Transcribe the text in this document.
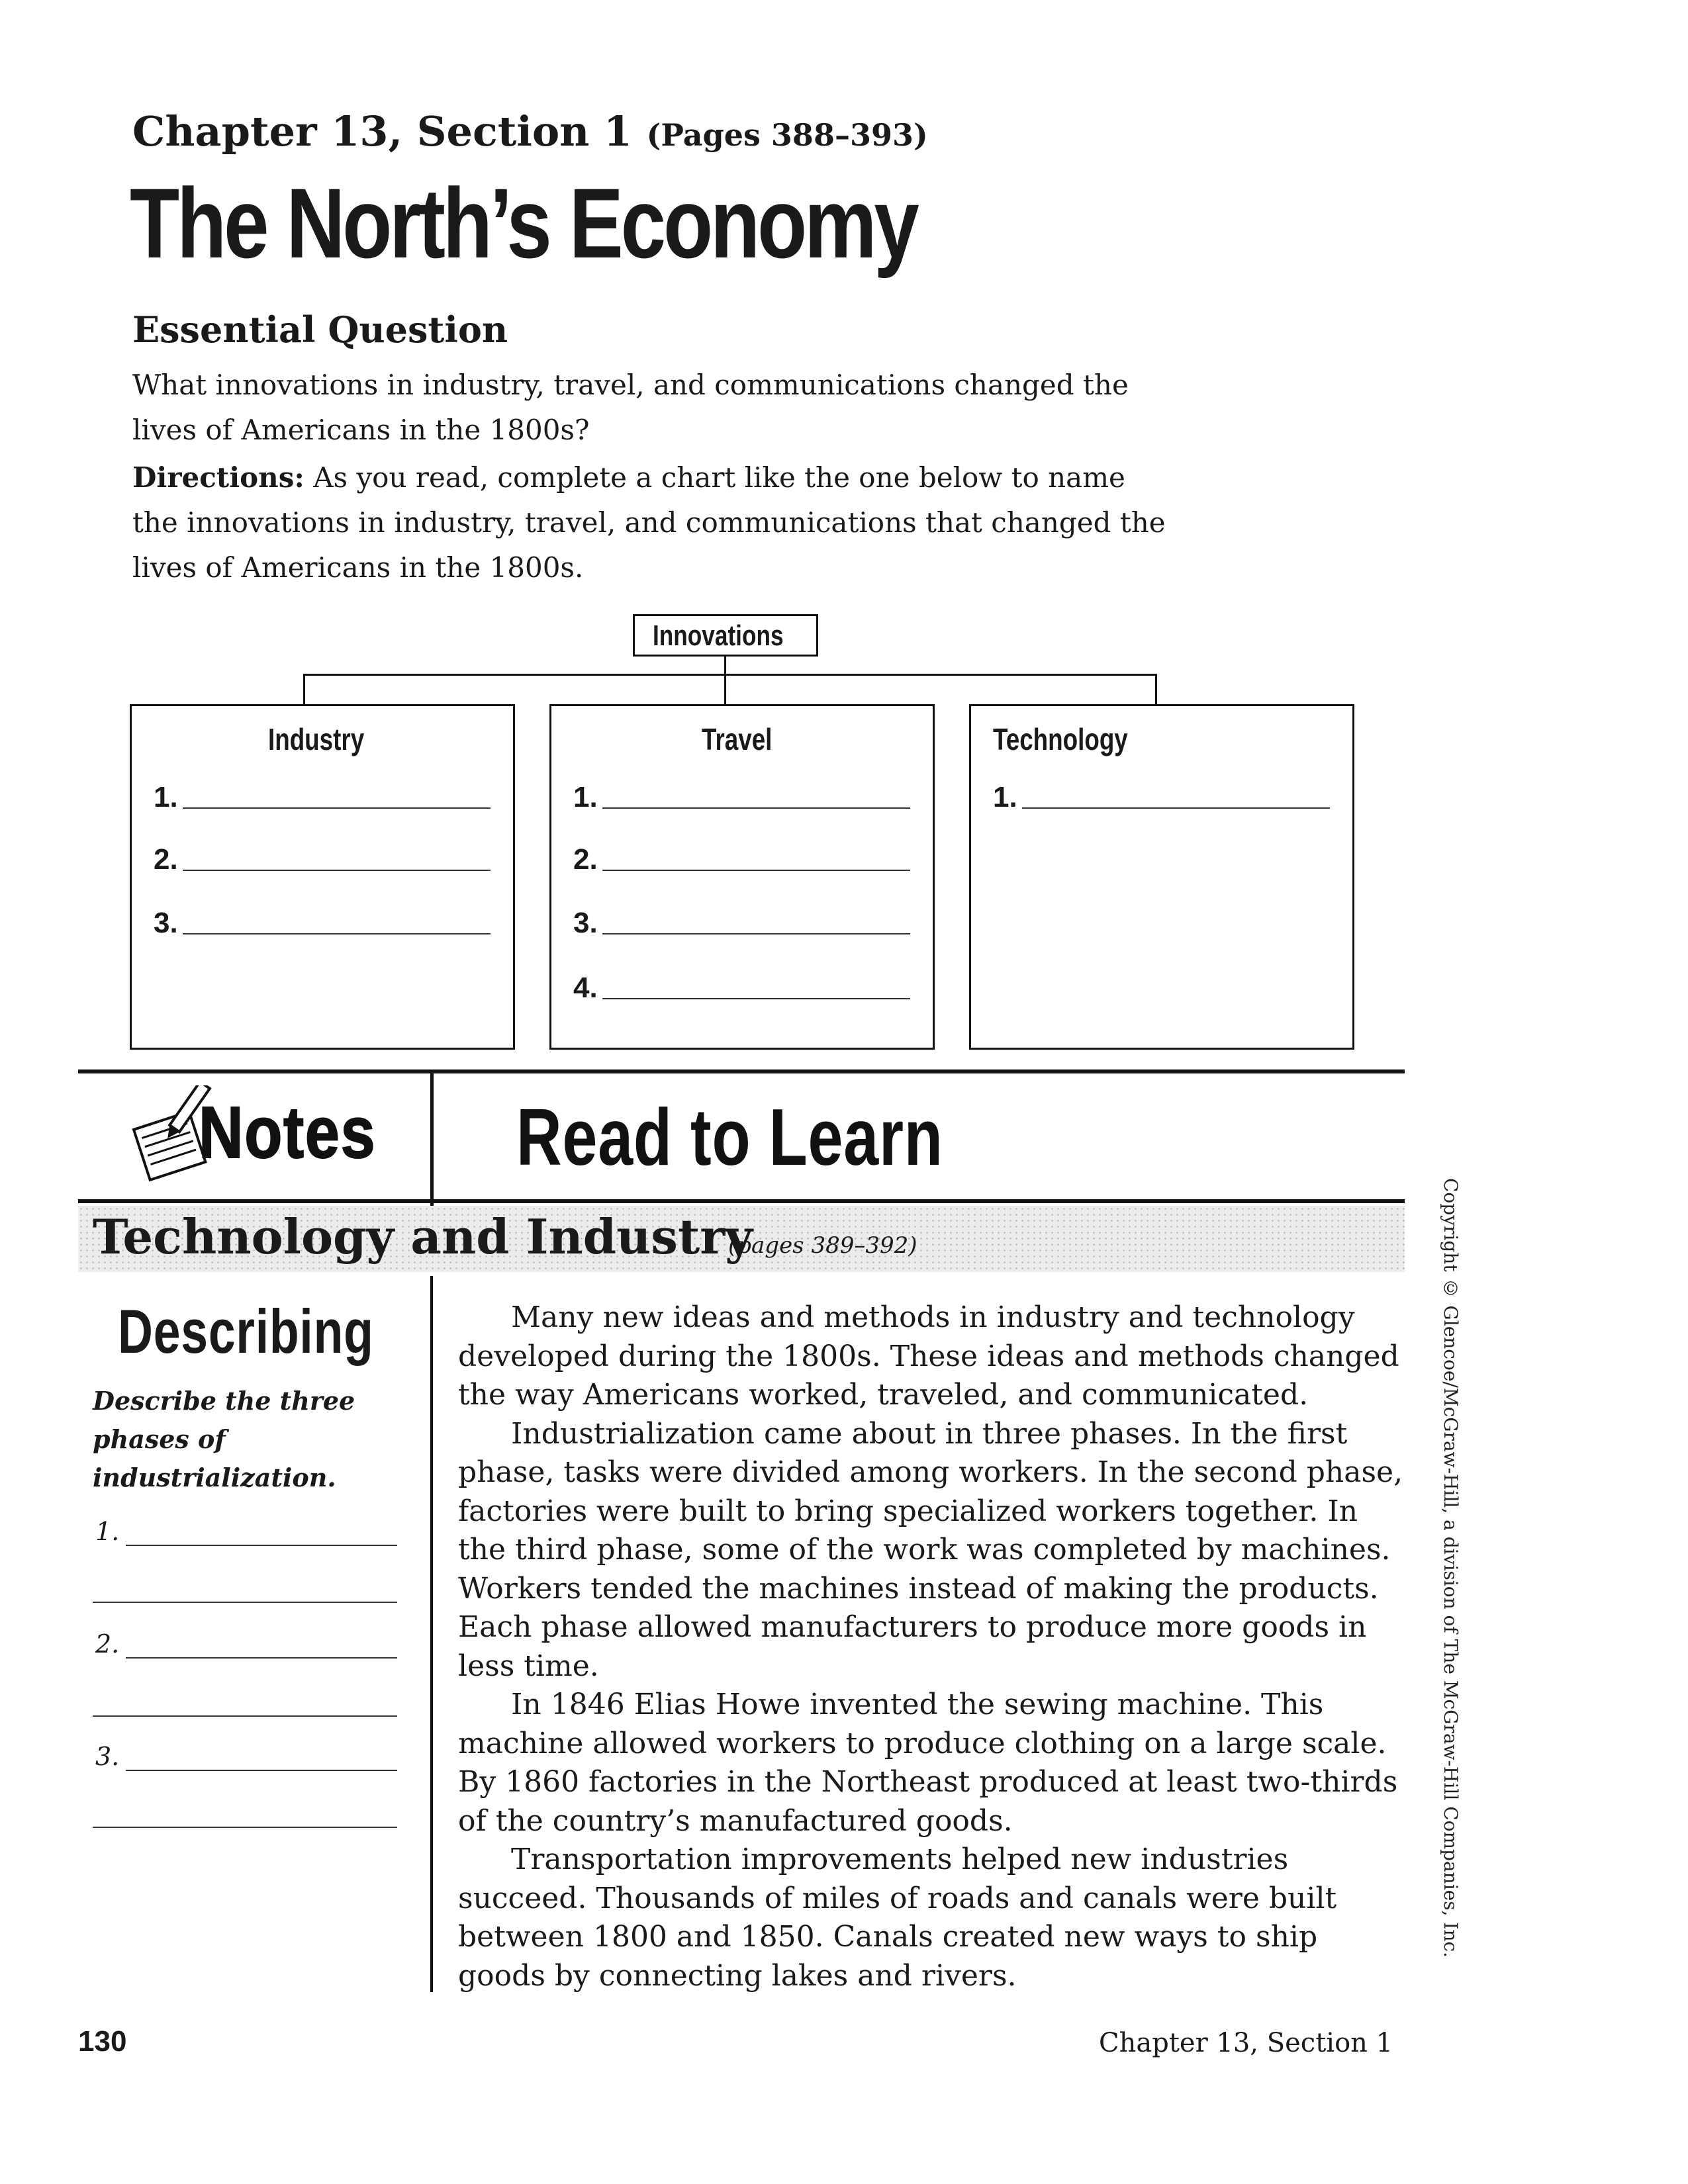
Chapter 13, Section 1 (Pages 388–393)
The North’s Economy
Essential Question
What innovations in industry, travel, and communications changed the lives of Americans in the 1800s?
Directions: As you read, complete a chart like the one below to name the innovations in industry, travel, and communications that changed the lives of Americans in the 1800s.
Innovations
Industry
1.
2.
3.
Travel
1.
2.
3.
4.
Technology
1.
Notes Read to Learn
Technology and Industry
(pages 389–392)
Describing
Describe the three phases of industrialization.
1.
2.
3.

Many new ideas and methods in industry and technology developed during the 1800s. These ideas and methods changed the way Americans worked, traveled, and communicated.

Industrialization came about in three phases. In the first phase, tasks were divided among workers. In the second phase, factories were built to bring specialized workers together. In the third phase, some of the work was completed by machines. Workers tended the machines instead of making the products. Each phase allowed manufacturers to produce more goods in less time.

In 1846 Elias Howe invented the sewing machine. This machine allowed workers to produce clothing on a large scale. By 1860 factories in the Northeast produced at least two-thirds of the country’s manufactured goods.

Transportation improvements helped new industries succeed. Thousands of miles of roads and canals were built between 1800 and 1850. Canals created new ways to ship goods by connecting lakes and rivers.

Copyright © Glencoe/McGraw-Hill, a division of The McGraw-Hill Companies, Inc.
130	Chapter 13, Section 1
